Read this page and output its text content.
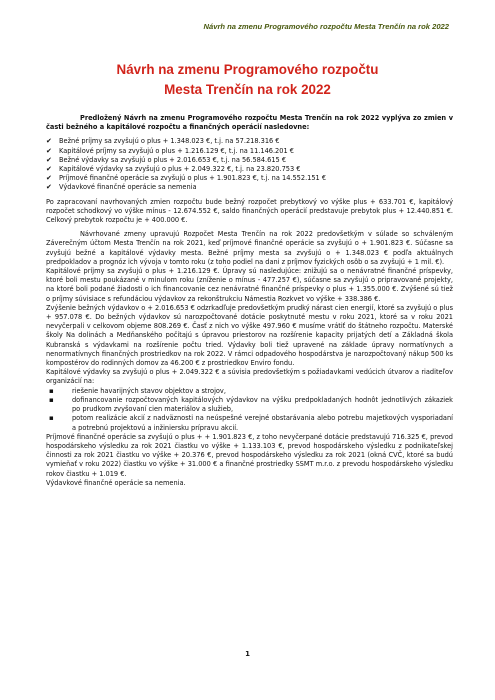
Návrh na zmenu Programového rozpočtu Mesta Trenčín na rok 2022
Návrh na zmenu Programového rozpočtu
Mesta Trenčín na rok 2022

Predložený Návrh na zmenu Programového rozpočtu Mesta Trenčín na rok 2022 vyplýva zo zmien v časti bežného a kapitálové rozpočtu a finančných operácií nasledovne:

✔ Bežné príjmy sa zvyšujú o plus + 1.348.023 €, t.j. na 57.218.316 €
✔ Kapitálové príjmy sa zvyšujú o plus + 1.216.129 €, t.j. na 11.146.201 €
✔ Bežné výdavky sa zvyšujú o plus + 2.016.653 €, t.j. na 56.584.615 €
✔ Kapitálové výdavky sa zvyšujú o plus + 2.049.322 €, t.j. na 23.820.753 €
✔ Príjmové finančné operácie sa zvyšujú o plus + 1.901.823 €, t.j. na 14.552.151 €
✔ Výdavkové finančné operácie sa nemenia

Po zapracovaní navrhovaných zmien rozpočtu bude bežný rozpočet prebytkový vo výške plus + 633.701 €, kapitálový rozpočet schodkový vo výške mínus - 12.674.552 €, saldo finančných operácií predstavuje prebytok plus + 12.440.851 €. Celkový prebytok rozpočtu je + 400.000 €.

Návrhované zmeny upravujú Rozpočet Mesta Trenčín na rok 2022 predovšetkým v súlade so schváleným Záverečným účtom Mesta Trenčín na rok 2021, keď príjmové finančné operácie sa zvyšujú o + 1.901.823 €. Súčasne sa zvyšujú bežné a kapitálové výdavky mesta. Bežné príjmy mesta sa zvyšujú o + 1.348.023 € podľa aktuálnych predpokladov a prognóz ich vývoja v tomto roku (z toho podiel na dani z príjmov fyzických osôb o sa zvyšujú + 1 mil. €).

Kapitálové príjmy sa zvyšujú o plus + 1.216.129 €. Úpravy sú nasledujúce: znižujú sa o nenávratné finančné príspevky, ktoré boli mestu poukázané v minulom roku (zníženie o mínus - 477.257 €), súčasne sa zvyšujú o pripravované projekty, na ktoré boli podané žiadosti o ich financovanie cez nenávratné finančné príspevky o plus + 1.355.000 €. Zvýšené sú tiež o príjmy súvisiace s refundáciou výdavkov za rekonštrukciu Námestia Rozkvet vo výške + 338.386 €.

Zvýšenie bežných výdavkov o + 2.016.653 € odzrkadľuje predovšetkým prudký nárast cien energií, ktoré sa zvyšujú o plus + 957.078 €. Do bežných výdavkov sú narozpočtované dotácie poskytnuté mestu v roku 2021, ktoré sa v roku 2021 nevyčerpali v celkovom objeme 808.269 €. Časť z nich vo výške 497.960 € musíme vrátiť do štátneho rozpočtu. Materské školy Na dolinách a Medňanského počítajú s úpravou priestorov na rozšírenie kapacity prijatých detí a Základná škola Kubranská s výdavkami na rozšírenie počtu tried. Výdavky boli tiež upravené na základe úpravy normatívnych a nenormatívnych finančných prostriedkov na rok 2022. V rámci odpadového hospodárstva je narozpočtovaný nákup 500 ks kompostérov do rodinných domov za 46.200 € z prostriedkov Enviro fondu.

Kapitálové výdavky sa zvyšujú o plus + 2.049.322 € a súvisia predovšetkým s požiadavkami vedúcich útvarov a riaditeľov organizácií na:

▪	riešenie havarijných stavov objektov a strojov,
▪	dofinancovanie rozpočtovaných kapitálových výdavkov na výšku predpokladaných hodnôt jednotlivých zákaziek po prudkom zvyšovaní cien materiálov a služieb,
▪	potom realizácie akcií z nadväznosti na neúspešné verejné obstarávania alebo potrebu majetkových vysporiadaní a potrebnú projektovú a inžiniersku prípravu akcií.

Príjmové finančné operácie sa zvyšujú o plus + + 1.901.823 €, z toho nevyčerpané dotácie predstavujú 716.325 €, prevod hospodárskeho výsledku za rok 2021 čiastku vo výške + 1.133.103 €, prevod hospodárskeho výsledku z podnikateľskej činnosti za rok 2021 čiastku vo výške + 20.376 €, prevod hospodárskeho výsledku za rok 2021 (okná CVČ, ktoré sa budú vymieňať v roku 2022) čiastku vo výške + 31.000 € a finančné prostriedky SSMT m.r.o. z prevodu hospodárskeho výsledku rokov čiastku + 1.019 €.

Výdavkové finančné operácie sa nemenia.

1
